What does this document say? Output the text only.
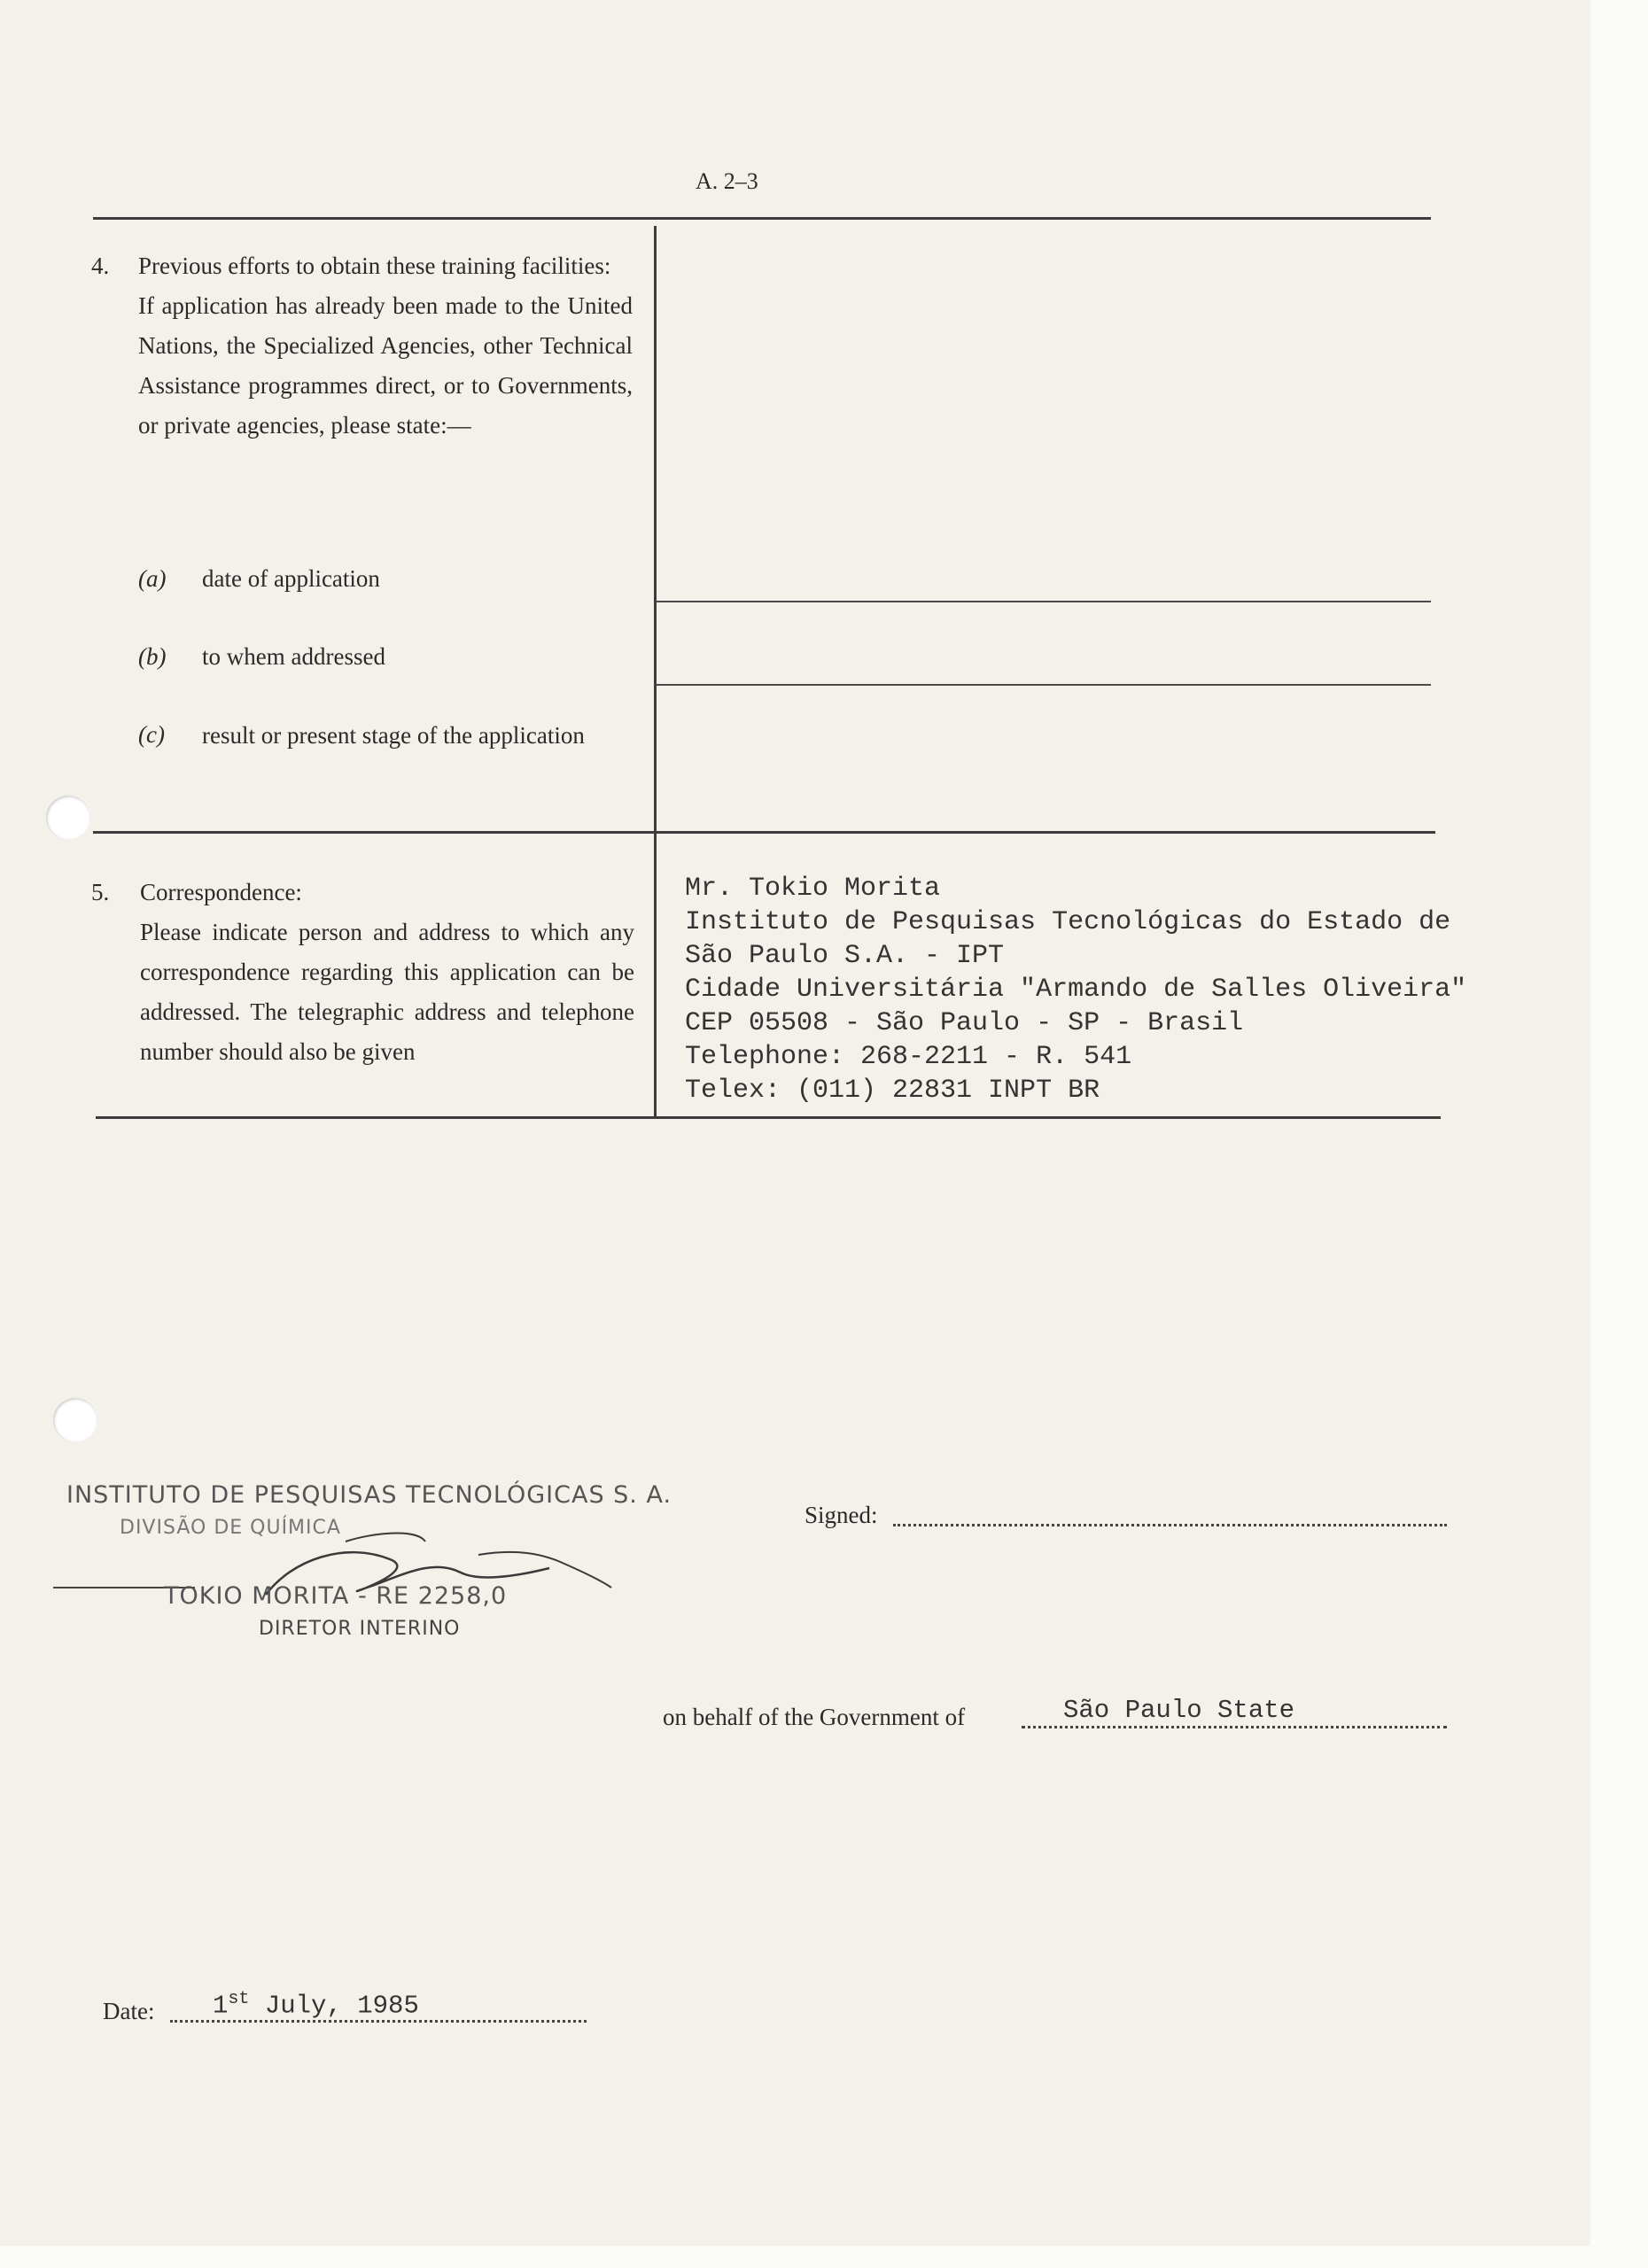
A. 2–3
4. Previous efforts to obtain these training facilities:
If application has already been made to the United Nations, the Specialized Agencies, other Technical Assistance programmes direct, or to Governments, or private agencies, please state:—
(a) date of application
(b) to whem addressed
(c)	result or present stage of the application
5. Correspondence:
Please indicate person and address to which any correspondence regarding this application can be addressed. The telegraphic address and telephone number should also be given
Mr. Tokio Morita
Instituto de Pesquisas Tecnológicas do Estado de
São Paulo S.A. - IPT
Cidade Universitária "Armando de Salles Oliveira"
CEP 05508 - São Paulo - SP - Brasil
Telephone: 268-2211 - R. 541
Telex: (011) 22831 INPT BR
INSTITUTO DE PESQUISAS TECNOLÓGICAS S. A.
DIVISÃO DE QUÍMICA
TOKIO MORITA - RE 2258,0
DIRETOR INTERINO
Signed:
on behalf of the Government of	São Paulo State
Date: 1st July, 1985
